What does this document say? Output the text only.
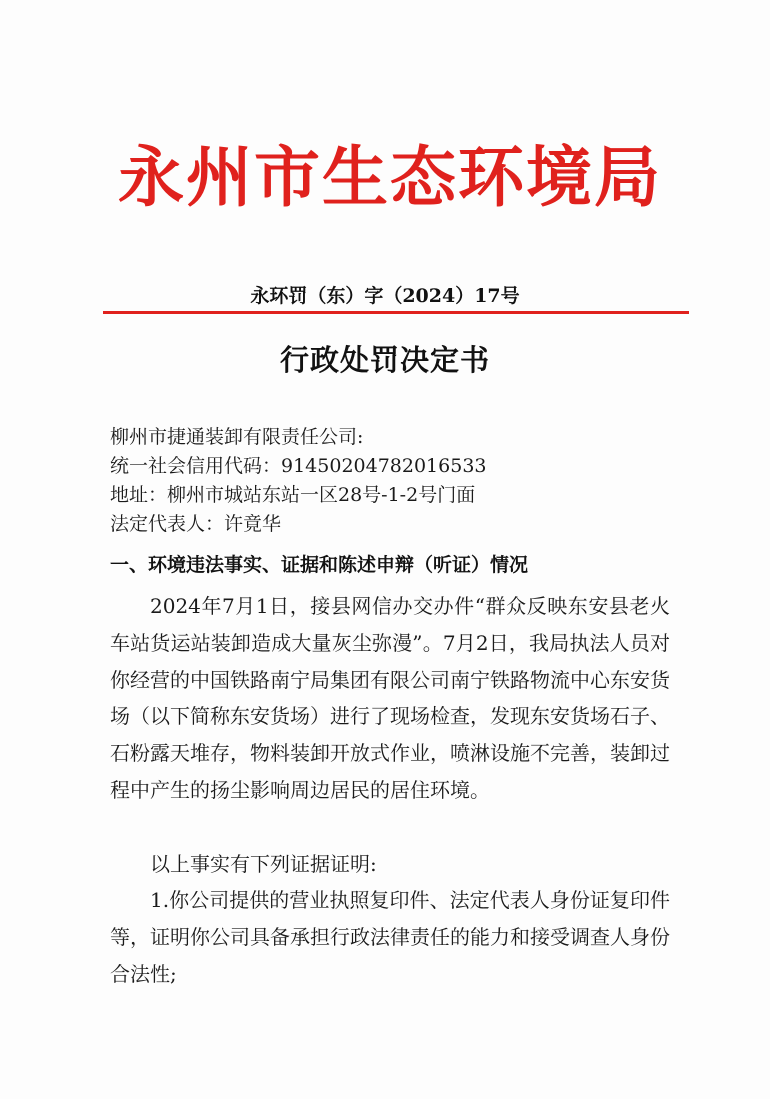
永州市生态环境局
永环罚（东）字（2024）17号
行政处罚决定书
柳州市捷通装卸有限责任公司:
统一社会信用代码：91450204782016533
地址：柳州市城站东站一区28号-1-2号门面
法定代表人：许竟华
一、环境违法事实、证据和陈述申辩（听证）情况
2024年7月1日，接县网信办交办件“群众反映东安县老火车站货运站装卸造成大量灰尘弥漫”。7月2日，我局执法人员对你经营的中国铁路南宁局集团有限公司南宁铁路物流中心东安货场（以下简称东安货场）进行了现场检查，发现东安货场石子、石粉露天堆存，物料装卸开放式作业，喷淋设施不完善，装卸过程中产生的扬尘影响周边居民的居住环境。
以上事实有下列证据证明:
1.你公司提供的营业执照复印件、法定代表人身份证复印件等，证明你公司具备承担行政法律责任的能力和接受调查人身份合法性;
